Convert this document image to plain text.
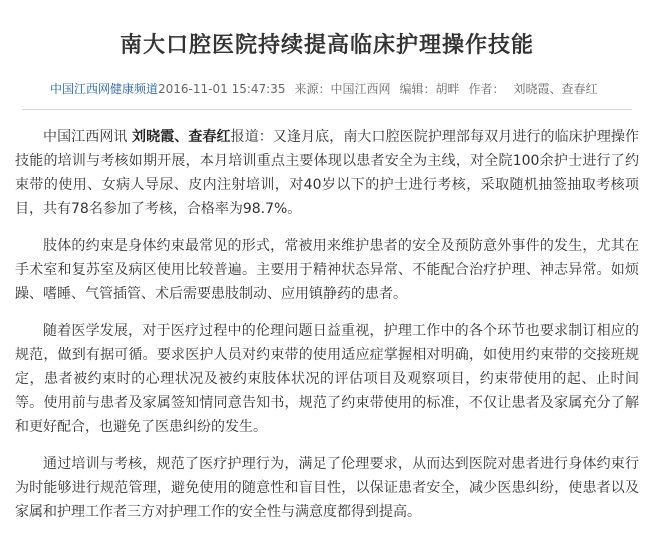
南大口腔医院持续提高临床护理操作技能
中国江西网健康频道2016-11-01 15:47:35 来源：中国江西网 编辑：胡畔 作者： 刘晓霞、查春红

中国江西网讯 刘晓霞、查春红报道：又逢月底，南大口腔医院护理部每双月进行的临床护理操作技能的培训与考核如期开展，本月培训重点主要体现以患者安全为主线，对全院100余护士进行了约束带的使用、女病人导尿、皮内注射培训，对40岁以下的护士进行考核，采取随机抽签抽取考核项目，共有78名参加了考核，合格率为98.7%。

肢体的约束是身体约束最常见的形式，常被用来维护患者的安全及预防意外事件的发生，尤其在手术室和复苏室及病区使用比较普遍。主要用于精神状态异常、不能配合治疗护理、神志异常。如烦躁、嗜睡、气管插管、术后需要患肢制动、应用镇静药的患者。

随着医学发展，对于医疗过程中的伦理问题日益重视，护理工作中的各个环节也要求制订相应的规范，做到有据可循。要求医护人员对约束带的使用适应症掌握相对明确，如使用约束带的交接班规定，患者被约束时的心理状况及被约束肢体状况的评估项目及观察项目，约束带使用的起、止时间等。使用前与患者及家属签知情同意告知书，规范了约束带使用的标准，不仅让患者及家属充分了解和更好配合，也避免了医患纠纷的发生。

通过培训与考核，规范了医疗护理行为，满足了伦理要求，从而达到医院对患者进行身体约束行为时能够进行规范管理，避免使用的随意性和盲目性，以保证患者安全，减少医患纠纷，使患者以及家属和护理工作者三方对护理工作的安全性与满意度都得到提高。
